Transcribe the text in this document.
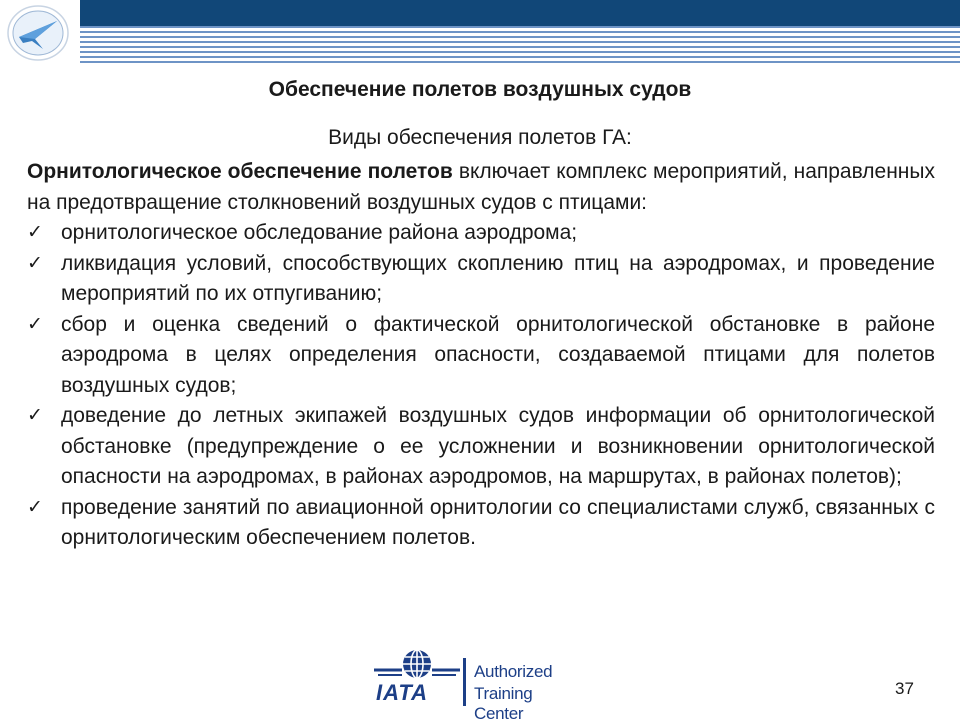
Обеспечение полетов воздушных судов
Виды обеспечения полетов ГА:

Орнитологическое обеспечение полетов включает комплекс мероприятий, направленных на предотвращение столкновений воздушных судов с птицами:

✓ орнитологическое обследование района аэродрома;
✓ ликвидация условий, способствующих скоплению птиц на аэродромах, и проведение мероприятий по их отпугиванию;
✓ сбор и оценка сведений о фактической орнитологической обстановке в районе аэродрома в целях определения опасности, создаваемой птицами для полетов воздушных судов;
✓ доведение до летных экипажей воздушных судов информации об орнитологической обстановке (предупреждение о ее усложнении и возникновении орнитологической опасности на аэродромах, в районах аэродромов, на маршрутах, в районах полетов);
✓ проведение занятий по авиационной орнитологии со специалистами служб, связанных с орнитологическим обеспечением полетов.
IATA
Authorized
Training Center
37
